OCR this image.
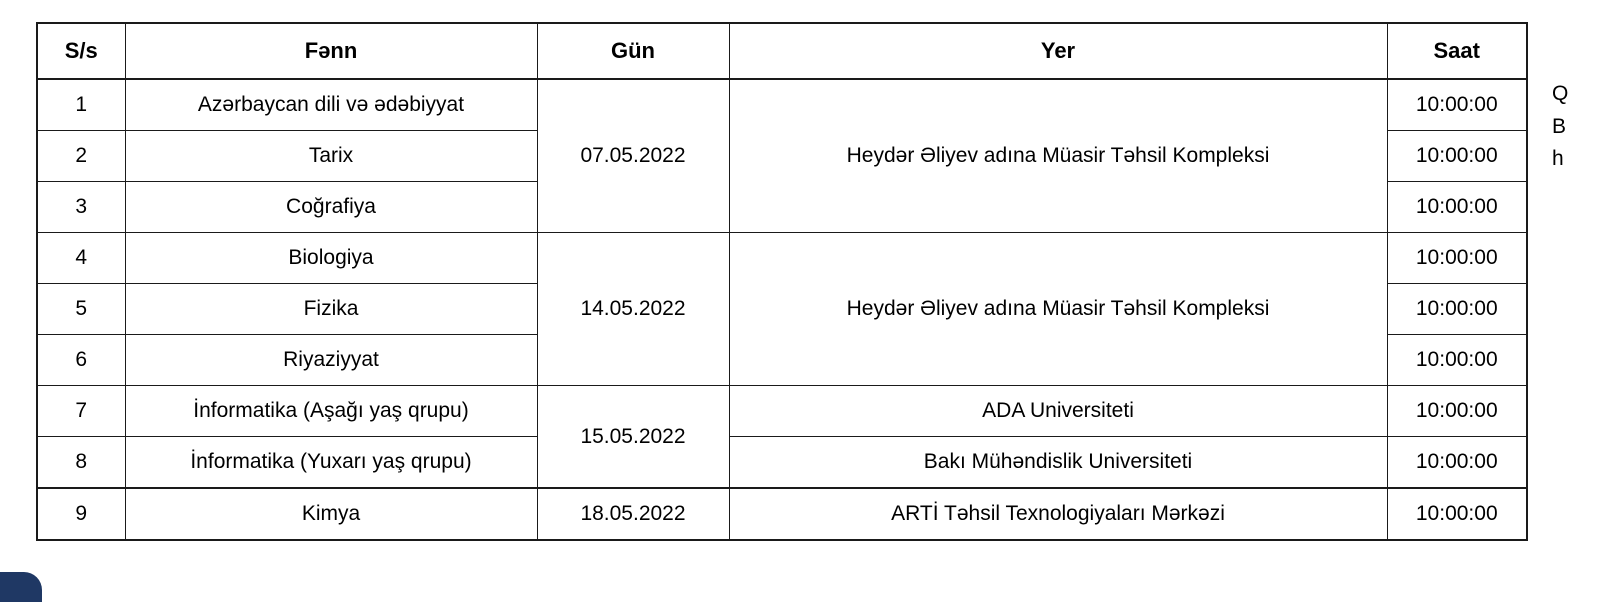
S/s	Fənn	Gün	Yer	Saat
1	Azərbaycan dili və ədəbiyyat	07.05.2022	Heydər Əliyev adına Müasir Təhsil Kompleksi	10:00:00
2	Tarix			10:00:00
3	Coğrafiya			10:00:00
4	Biologiya	14.05.2022	Heydər Əliyev adına Müasir Təhsil Kompleksi	10:00:00
5	Fizika			10:00:00
6	Riyaziyyat			10:00:00
7	İnformatika (Aşağı yaş qrupu)	15.05.2022	ADA Universiteti	10:00:00
8	İnformatika (Yuxarı yaş qrupu)		Bakı Mühəndislik Universiteti	10:00:00
9	Kimya	18.05.2022	ARTİ Təhsil Texnologiyaları Mərkəzi	10:00:00
Q
B
h
